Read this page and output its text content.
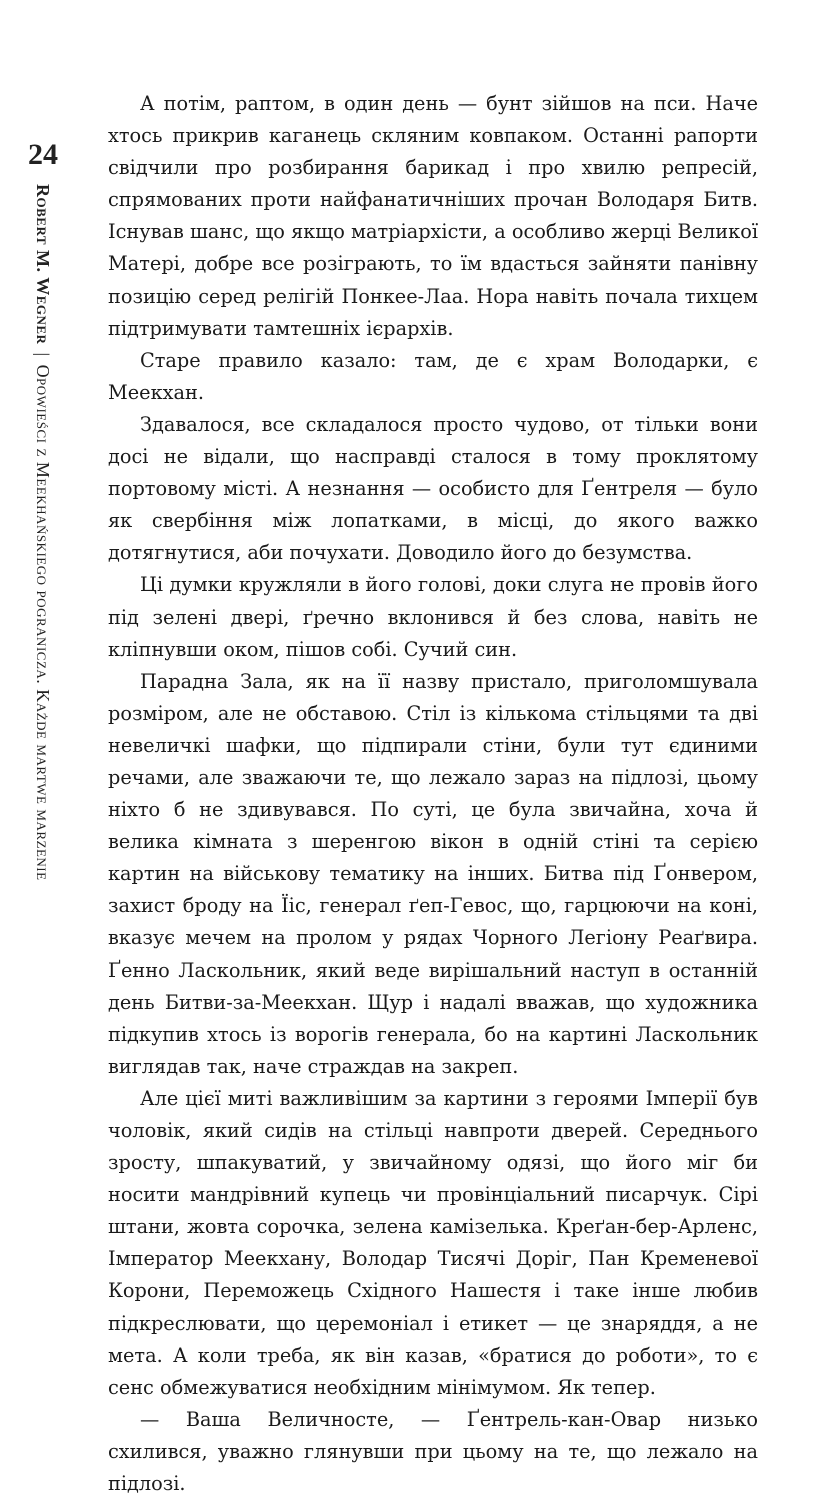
24
Robert M. Wegner|Opowieści z Meekhańskiego pogranicza. Każde martwe marzenie

А потім, раптом, в один день — бунт зійшов на пси. Наче хтось прикрив каганець скляним ковпаком. Останні рапорти свідчили про розбирання барикад і про хвилю репресій, спрямованих проти найфанатичніших прочан Володаря Битв. Існував шанс, що якщо матріархісти, а особливо жерці Великої Матері, добре все розіграють, то їм вдасться зайняти панівну позицію серед релігій Понкее-Лаа. Нора навіть почала тихцем підтримувати тамтешніх ієрархів.

Старе правило казало: там, де є храм Володарки, є Меекхан.

Здавалося, все складалося просто чудово, от тільки вони досі не відали, що насправді сталося в тому проклятому портовому місті. А незнання — особисто для Ґентреля — було як свербіння між лопатками, в місці, до якого важко дотягнутися, аби почухати. Доводило його до безумства.

Ці думки кружляли в його голові, доки слуга не провів його під зелені двері, ґречно вклонився й без слова, навіть не кліпнувши оком, пішов собі. Сучий син.

Парадна Зала, як на її назву пристало, приголомшувала розміром, але не обставою. Стіл із кількома стільцями та дві невеличкі шафки, що підпирали стіни, були тут єдиними речами, але зважаючи те, що лежало зараз на підлозі, цьому ніхто б не здивувався. По суті, це була звичайна, хоча й велика кімната з шеренгою вікон в одній стіні та серією картин на військову тематику на інших. Битва під Ґонвером, захист броду на Їіс, генерал ґеп-Гевос, що, гарцюючи на коні, вказує мечем на пролом у рядах Чорного Легіону Реаґвира. Ґенно Ласкольник, який веде вирішальний наступ в останній день Битви-за-Меекхан. Щур і надалі вважав, що художника підкупив хтось із ворогів генерала, бо на картині Ласкольник виглядав так, наче страждав на закреп.

Але цієї миті важливішим за картини з героями Імперії був чоловік, який сидів на стільці навпроти дверей. Середнього зросту, шпакуватий, у звичайному одязі, що його міг би носити мандрівний купець чи провінціальний писарчук. Сірі штани, жовта сорочка, зелена камізелька. Креґан-бер-Арленс, Імператор Меекхану, Володар Тисячі Доріг, Пан Кременевої Корони, Переможець Східного Нашестя і таке інше любив підкреслювати, що церемоніал і етикет — це знаряддя, а не мета. А коли треба, як він казав, «братися до роботи», то є сенс обмежуватися необхідним мінімумом. Як тепер.

— Ваша Величносте, — Ґентрель-кан-Овар низько схилився, уважно глянувши при цьому на те, що лежало на підлозі.
